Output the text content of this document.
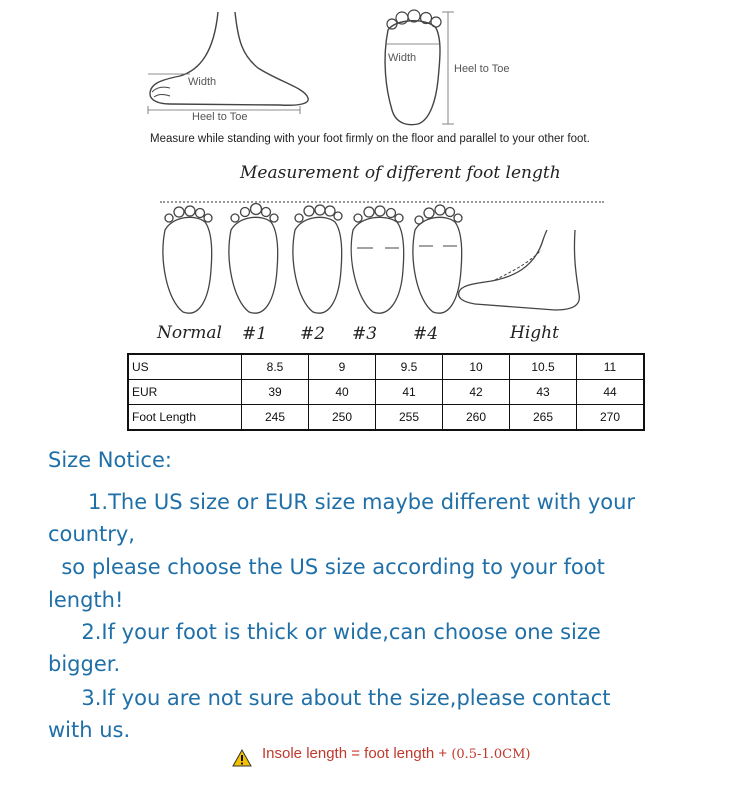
Width
Heel to Toe
Width
Heel to Toe
Measure while standing with your foot firmly on the floor and parallel to your other foot.
Measurement of different foot length
Normal #1 #2 #3 #4	Hight
US	8.5	9	9.5	10	10.5	11
EUR	39	40	41	42	43	44
Foot Length	245	250	255	260	265	270
Size Notice:
1.The US size or EUR size maybe different with your
country,
so please choose the US size according to your foot
length!
2.If your foot is thick or wide,can choose one size
bigger.
3.If you are not sure about the size,please contact
with us.
Insole length = foot length + (0.5-1.0CM)
